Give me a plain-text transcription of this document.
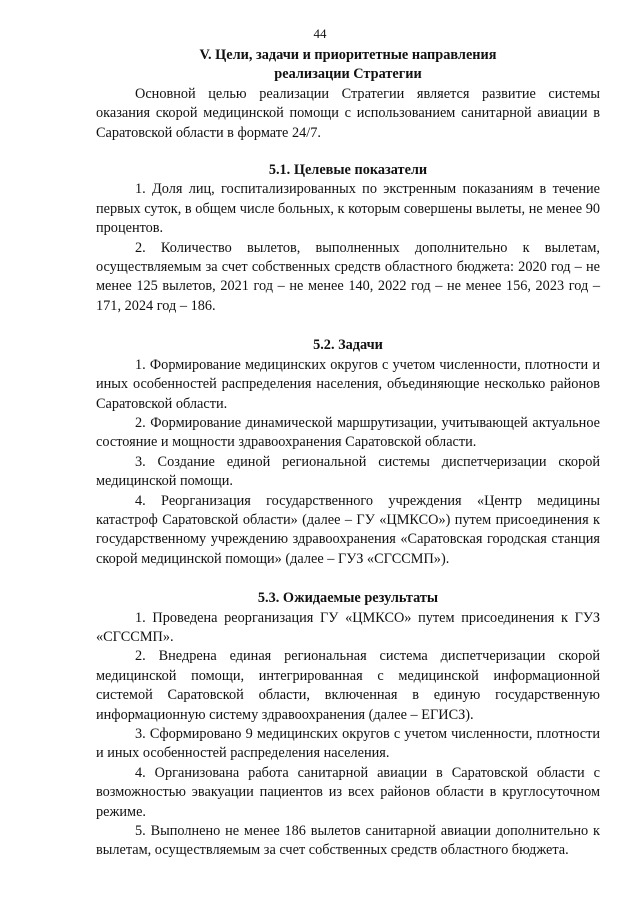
44
V. Цели, задачи и приоритетные направления
реализации Стратегии

Основной целью реализации Стратегии является развитие системы оказания скорой медицинской помощи с использованием санитарной авиации в Саратовской области в формате 24/7.

5.1. Целевые показатели

1. Доля лиц, госпитализированных по экстренным показаниям в течение первых суток, в общем числе больных, к которым совершены вылеты, не менее 90 процентов.

2. Количество вылетов, выполненных дополнительно к вылетам, осуществляемым за счет собственных средств областного бюджета: 2020 год – не менее 125 вылетов, 2021 год – не менее 140, 2022 год – не менее 156, 2023 год – 171, 2024 год – 186.

5.2. Задачи

1. Формирование медицинских округов с учетом численности, плотности и иных особенностей распределения населения, объединяющие несколько районов Саратовской области.

2. Формирование динамической маршрутизации, учитывающей актуальное состояние и мощности здравоохранения Саратовской области.

3. Создание единой региональной системы диспетчеризации скорой медицинской помощи.

4. Реорганизация государственного учреждения «Центр медицины катастроф Саратовской области» (далее – ГУ «ЦМКСО») путем присоединения к государственному учреждению здравоохранения «Саратовская городская станция скорой медицинской помощи» (далее – ГУЗ «СГССМП»).

5.3. Ожидаемые результаты

1. Проведена реорганизация ГУ «ЦМКСО» путем присоединения к ГУЗ «СГССМП».

2. Внедрена единая региональная система диспетчеризации скорой медицинской помощи, интегрированная с медицинской информационной системой Саратовской области, включенная в единую государственную информационную систему здравоохранения (далее – ЕГИСЗ).

3. Сформировано 9 медицинских округов с учетом численности, плотности и иных особенностей распределения населения.

4. Организована работа санитарной авиации в Саратовской области с возможностью эвакуации пациентов из всех районов области в круглосуточном режиме.

5. Выполнено не менее 186 вылетов санитарной авиации дополнительно к вылетам, осуществляемым за счет собственных средств областного бюджета.
